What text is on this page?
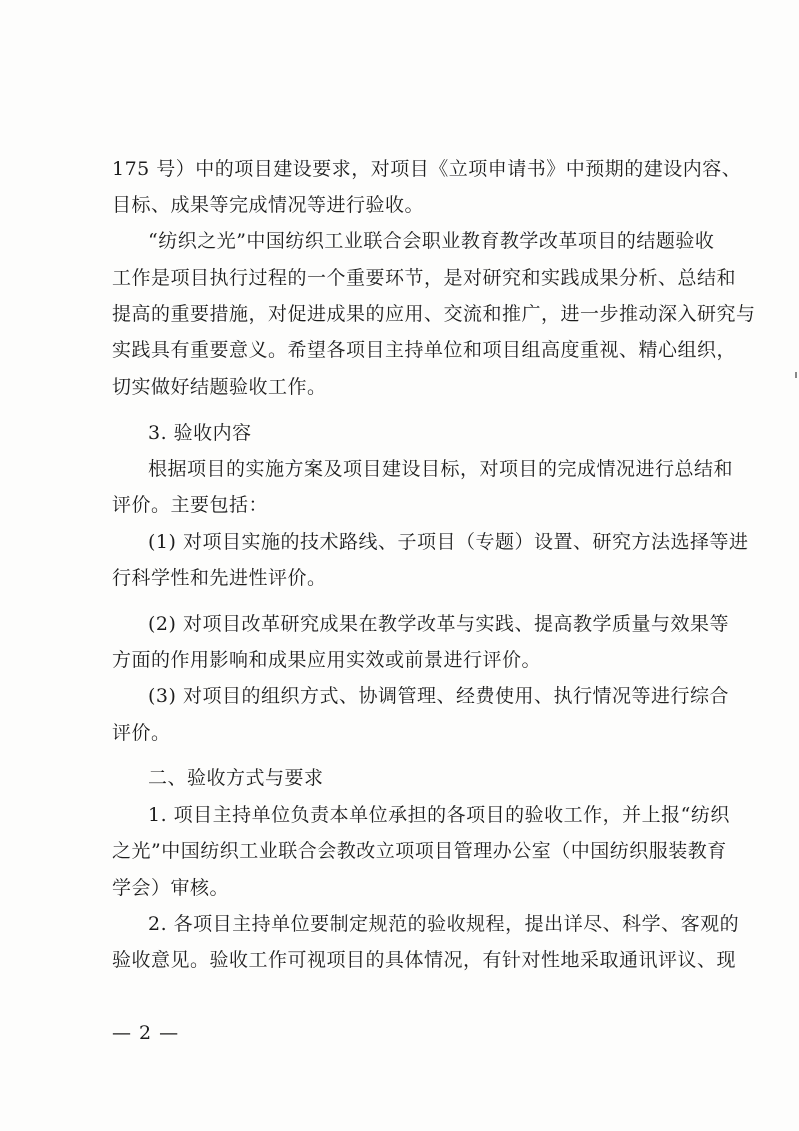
175 号）中的项目建设要求，对项目《立项申请书》中预期的建设内容、
目标、成果等完成情况等进行验收。
“纺织之光”中国纺织工业联合会职业教育教学改革项目的结题验收
工作是项目执行过程的一个重要环节，是对研究和实践成果分析、总结和
提高的重要措施，对促进成果的应用、交流和推广，进一步推动深入研究与
实践具有重要意义。希望各项目主持单位和项目组高度重视、精心组织，
切实做好结题验收工作。
3. 验收内容
根据项目的实施方案及项目建设目标，对项目的完成情况进行总结和
评价。主要包括：
(1) 对项目实施的技术路线、子项目（专题）设置、研究方法选择等进
行科学性和先进性评价。
(2) 对项目改革研究成果在教学改革与实践、提高教学质量与效果等
方面的作用影响和成果应用实效或前景进行评价。
(3) 对项目的组织方式、协调管理、经费使用、执行情况等进行综合
评价。
二、验收方式与要求
1. 项目主持单位负责本单位承担的各项目的验收工作，并上报“纺织
之光”中国纺织工业联合会教改立项项目管理办公室（中国纺织服装教育
学会）审核。
2. 各项目主持单位要制定规范的验收规程，提出详尽、科学、客观的
验收意见。验收工作可视项目的具体情况，有针对性地采取通讯评议、现
— 2 —
